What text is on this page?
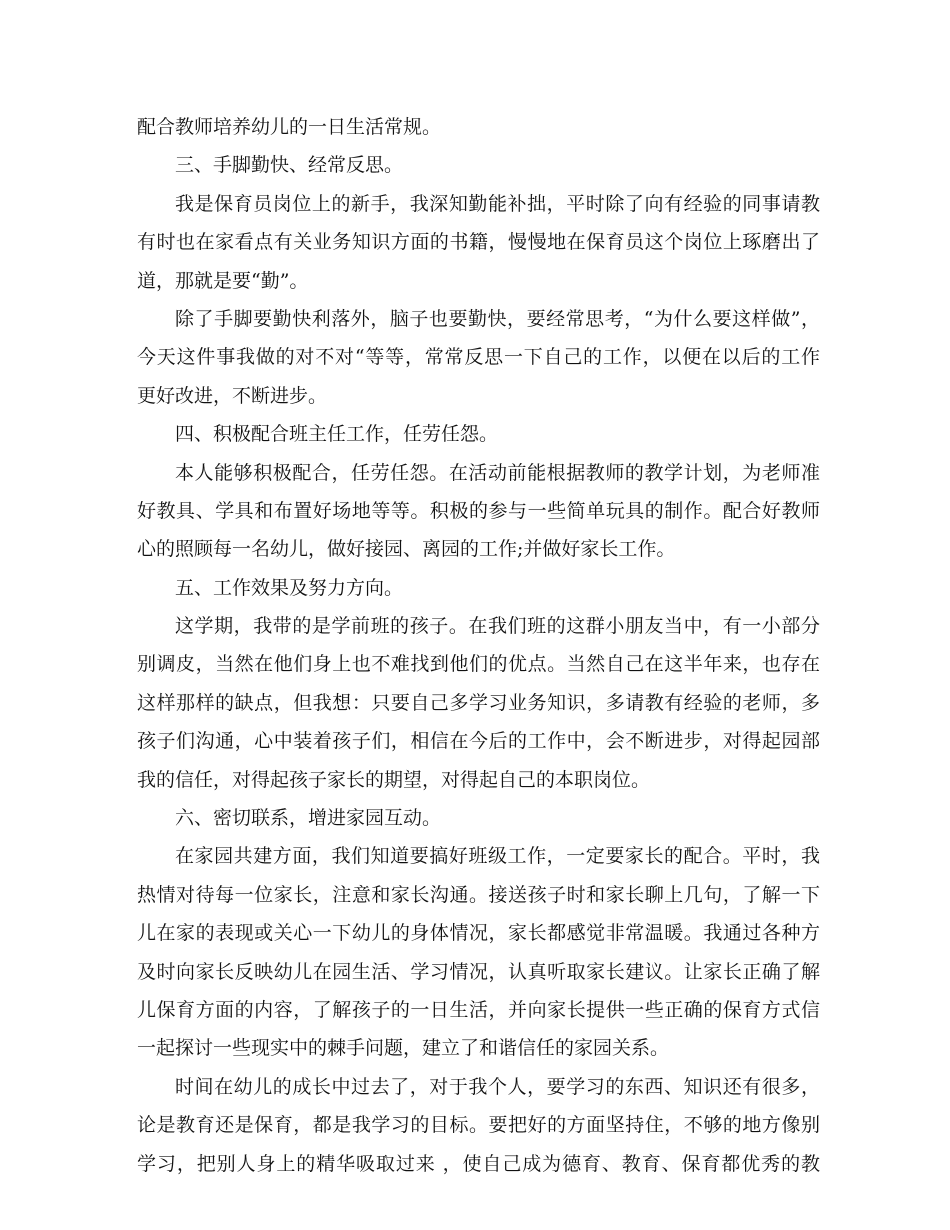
配合教师培养幼儿的一日生活常规。
三、手脚勤快、经常反思。
我是保育员岗位上的新手，我深知勤能补拙，平时除了向有经验的同事请教
有时也在家看点有关业务知识方面的书籍，慢慢地在保育员这个岗位上琢磨出了
道，那就是要“勤”。
除了手脚要勤快利落外，脑子也要勤快，要经常思考，“为什么要这样做”，
今天这件事我做的对不对“等等，常常反思一下自己的工作，以便在以后的工作
更好改进，不断进步。
四、积极配合班主任工作，任劳任怨。
本人能够积极配合，任劳任怨。在活动前能根据教师的教学计划，为老师准
好教具、学具和布置好场地等等。积极的参与一些简单玩具的制作。配合好教师
心的照顾每一名幼儿，做好接园、离园的工作;并做好家长工作。
五、工作效果及努力方向。
这学期，我带的是学前班的孩子。在我们班的这群小朋友当中，有一小部分
别调皮，当然在他们身上也不难找到他们的优点。当然自己在这半年来，也存在
这样那样的缺点，但我想：只要自己多学习业务知识，多请教有经验的老师，多
孩子们沟通，心中装着孩子们，相信在今后的工作中，会不断进步，对得起园部
我的信任，对得起孩子家长的期望，对得起自己的本职岗位。
六、密切联系，增进家园互动。
在家园共建方面，我们知道要搞好班级工作，一定要家长的配合。平时，我
热情对待每一位家长，注意和家长沟通。接送孩子时和家长聊上几句，了解一下
儿在家的表现或关心一下幼儿的身体情况，家长都感觉非常温暖。我通过各种方
及时向家长反映幼儿在园生活、学习情况，认真听取家长建议。让家长正确了解
儿保育方面的内容，了解孩子的一日生活，并向家长提供一些正确的保育方式信
一起探讨一些现实中的棘手问题，建立了和谐信任的家园关系。
时间在幼儿的成长中过去了，对于我个人，要学习的东西、知识还有很多，
论是教育还是保育，都是我学习的目标。要把好的方面坚持住，不够的地方像别
学习，把别人身上的精华吸取过来 ，使自己成为德育、教育、保育都优秀的教
